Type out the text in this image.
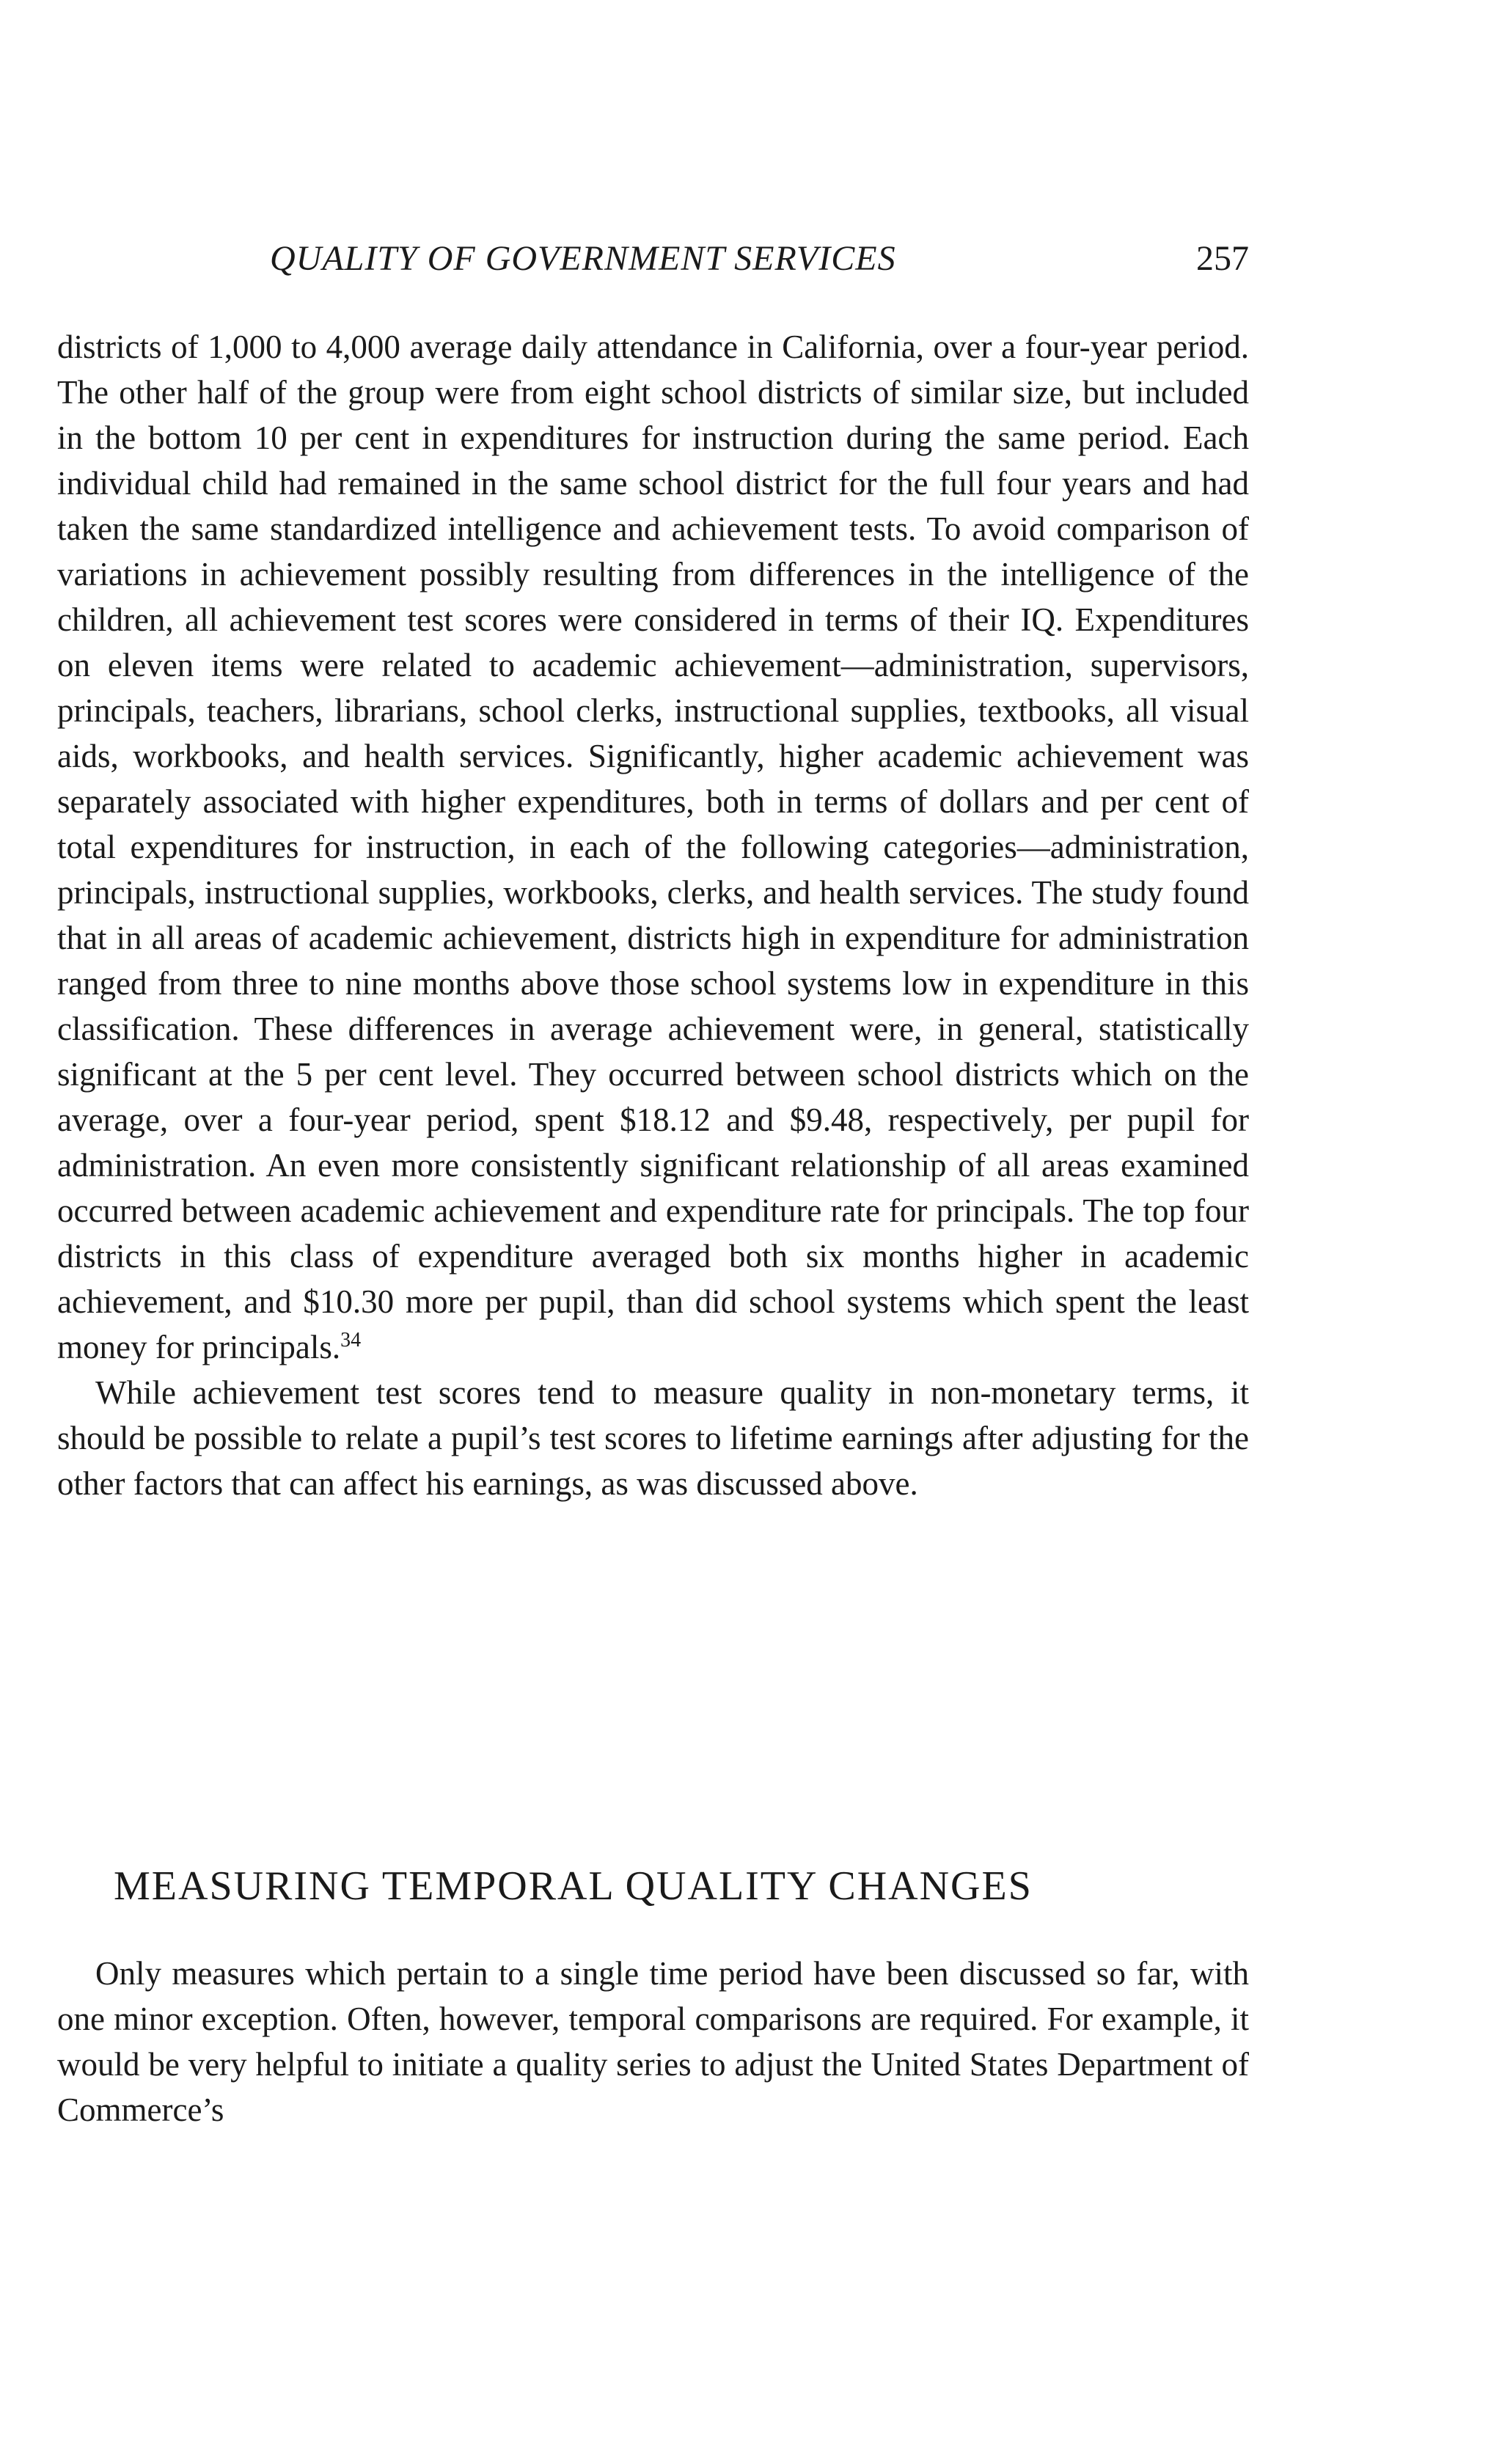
QUALITY OF GOVERNMENT SERVICES	257

districts of 1,000 to 4,000 average daily attendance in California, over a four-year period. The other half of the group were from eight school districts of similar size, but included in the bottom 10 per cent in expenditures for instruction during the same period. Each individual child had remained in the same school district for the full four years and had taken the same standardized intelligence and achievement tests. To avoid comparison of variations in achievement possibly resulting from differences in the intelligence of the children, all achievement test scores were considered in terms of their IQ. Expenditures on eleven items were related to academic achievement—administration, supervisors, principals, teachers, librarians, school clerks, instructional supplies, textbooks, all visual aids, workbooks, and health services. Significantly, higher academic achievement was separately associated with higher expenditures, both in terms of dollars and per cent of total expenditures for instruction, in each of the following categories—administration, principals, instructional supplies, workbooks, clerks, and health services. The study found that in all areas of academic achievement, districts high in expenditure for administration ranged from three to nine months above those school systems low in expenditure in this classification. These differences in average achievement were, in general, statistically significant at the 5 per cent level. They occurred between school districts which on the average, over a four-year period, spent $18.12 and $9.48, respectively, per pupil for administration. An even more consistently significant relationship of all areas examined occurred between academic achievement and expenditure rate for principals. The top four districts in this class of expenditure averaged both six months higher in academic achievement, and $10.30 more per pupil, than did school systems which spent the least money for principals.$^{34}$

While achievement test scores tend to measure quality in non-monetary terms, it should be possible to relate a pupil’s test scores to lifetime earnings after adjusting for the other factors that can affect his earnings, as was discussed above.

MEASURING TEMPORAL QUALITY CHANGES

Only measures which pertain to a single time period have been discussed so far, with one minor exception. Often, however, temporal comparisons are required. For example, it would be very helpful to initiate a quality series to adjust the United States Department of Commerce’s
